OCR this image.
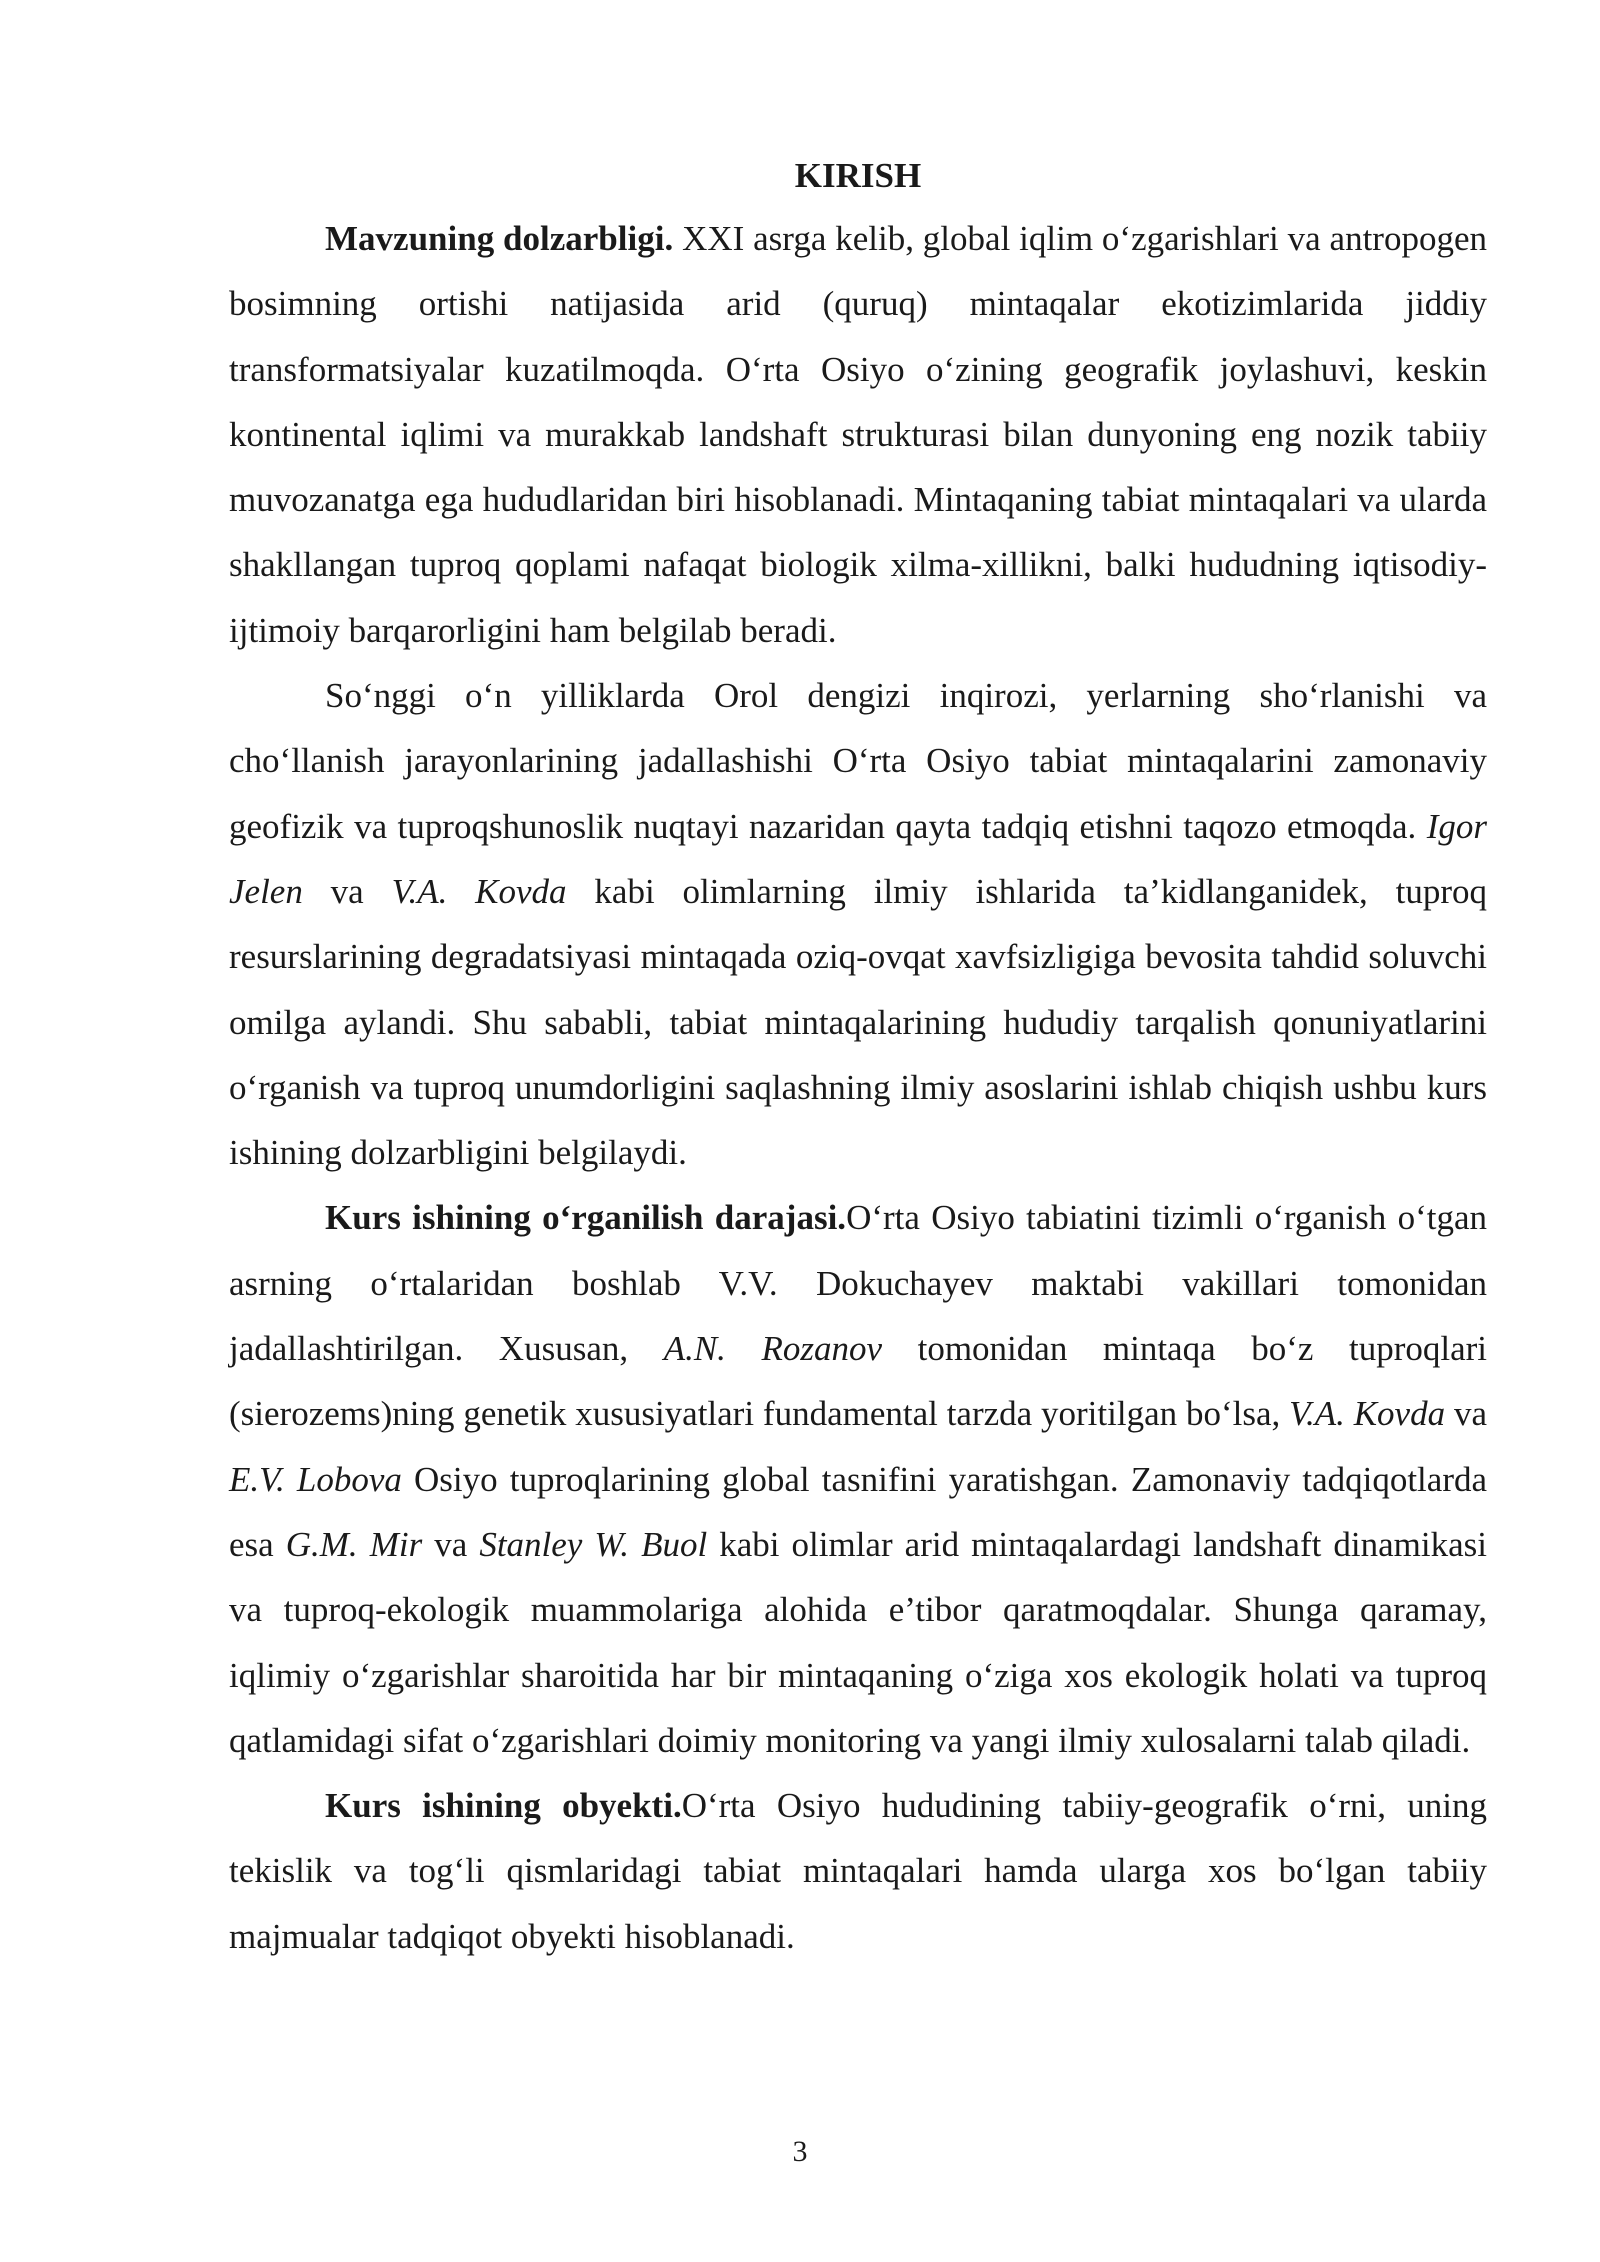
KIRISH

Mavzuning dolzarbligi. XXI asrga kelib, global iqlim o‘zgarishlari va antropogen bosimning ortishi natijasida arid (quruq) mintaqalar ekotizimlarida jiddiy transformatsiyalar kuzatilmoqda. O‘rta Osiyo o‘zining geografik joylashuvi, keskin kontinental iqlimi va murakkab landshaft strukturasi bilan dunyoning eng nozik tabiiy muvozanatga ega hududlaridan biri hisoblanadi. Mintaqaning tabiat mintaqalari va ularda shakllangan tuproq qoplami nafaqat biologik xilma-xillikni, balki hududning iqtisodiy-ijtimoiy barqarorligini ham belgilab beradi.

So‘nggi o‘n yilliklarda Orol dengizi inqirozi, yerlarning sho‘rlanishi va cho‘llanish jarayonlarining jadallashishi O‘rta Osiyo tabiat mintaqalarini zamonaviy geofizik va tuproqshunoslik nuqtayi nazaridan qayta tadqiq etishni taqozo etmoqda. Igor Jelen va V.A. Kovda kabi olimlarning ilmiy ishlarida ta’kidlanganidek, tuproq resurslarining degradatsiyasi mintaqada oziq-ovqat xavfsizligiga bevosita tahdid soluvchi omilga aylandi. Shu sababli, tabiat mintaqalarining hududiy tarqalish qonuniyatlarini o‘rganish va tuproq unumdorligini saqlashning ilmiy asoslarini ishlab chiqish ushbu kurs ishining dolzarbligini belgilaydi.

Kurs ishining o‘rganilish darajasi.O‘rta Osiyo tabiatini tizimli o‘rganish o‘tgan asrning o‘rtalaridan boshlab V.V. Dokuchayev maktabi vakillari tomonidan jadallashtirilgan. Xususan, A.N. Rozanov tomonidan mintaqa bo‘z tuproqlari (sierozems)ning genetik xususiyatlari fundamental tarzda yoritilgan bo‘lsa, V.A. Kovda va E.V. Lobova Osiyo tuproqlarining global tasnifini yaratishgan. Zamonaviy tadqiqotlarda esa G.M. Mir va Stanley W. Buol kabi olimlar arid mintaqalardagi landshaft dinamikasi va tuproq-ekologik muammolariga alohida e’tibor qaratmoqdalar. Shunga qaramay, iqlimiy o‘zgarishlar sharoitida har bir mintaqaning o‘ziga xos ekologik holati va tuproq qatlamidagi sifat o‘zgarishlari doimiy monitoring va yangi ilmiy xulosalarni talab qiladi.

Kurs ishining obyekti.O‘rta Osiyo hududining tabiiy-geografik o‘rni, uning tekislik va tog‘li qismlaridagi tabiat mintaqalari hamda ularga xos bo‘lgan tabiiy majmualar tadqiqot obyekti hisoblanadi.

3
